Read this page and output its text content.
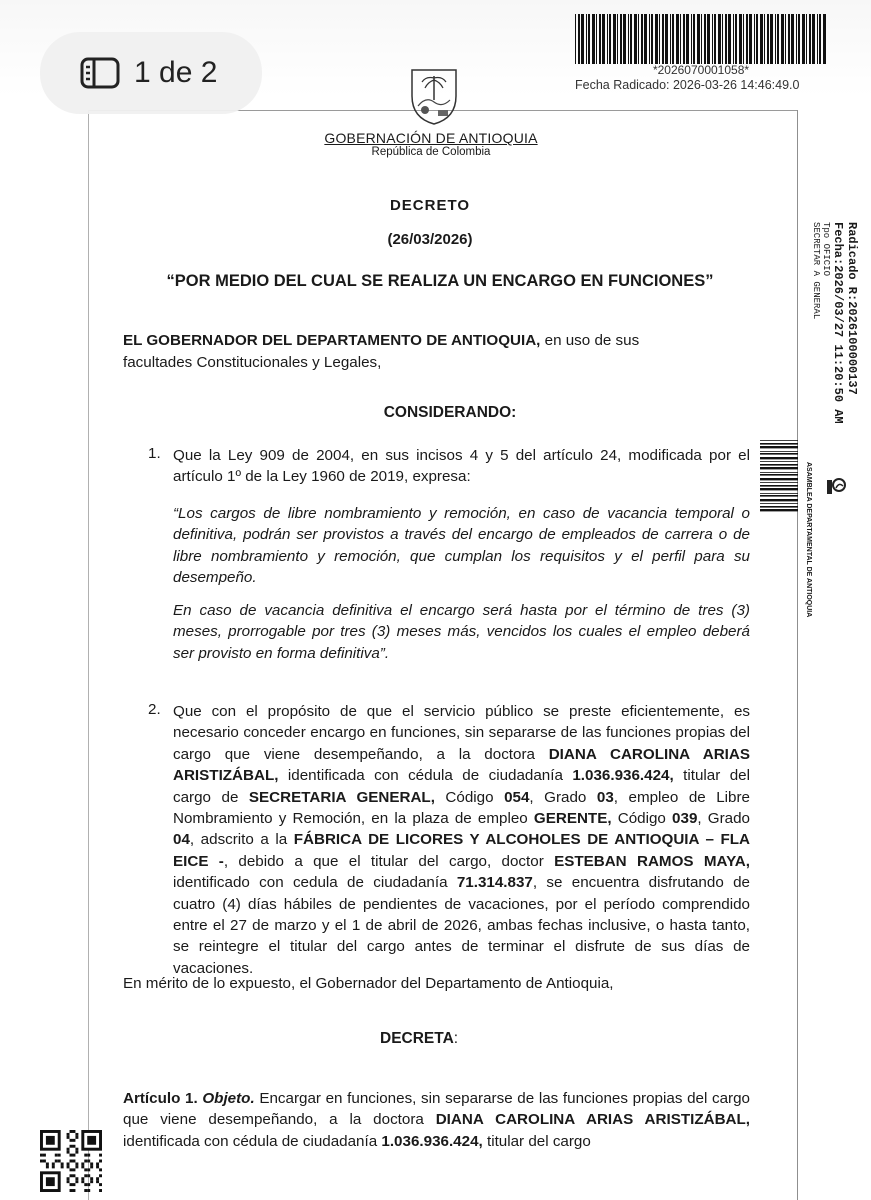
*2026070001058*
Fecha Radicado: 2026-03-26 14:46:49.0
GOBERNACIÓN DE ANTIOQUIA
República de Colombia
DECRETO
(26/03/2026)
“POR MEDIO DEL CUAL SE REALIZA UN ENCARGO EN FUNCIONES”
EL GOBERNADOR DEL DEPARTAMENTO DE ANTIOQUIA, en uso de sus
facultades Constitucionales y Legales,
CONSIDERANDO:
1. Que la Ley 909 de 2004, en sus incisos 4 y 5 del artículo 24, modificada por el artículo 1º de la Ley 1960 de 2019, expresa:
“Los cargos de libre nombramiento y remoción, en caso de vacancia temporal o definitiva, podrán ser provistos a través del encargo de empleados de carrera o de libre nombramiento y remoción, que cumplan los requisitos y el perfil para su desempeño.
En caso de vacancia definitiva el encargo será hasta por el término de tres (3) meses, prorrogable por tres (3) meses más, vencidos los cuales el empleo deberá ser provisto en forma definitiva”.
2. Que con el propósito de que el servicio público se preste eficientemente, es necesario conceder encargo en funciones, sin separarse de las funciones propias del cargo que viene desempeñando, a la doctora DIANA CAROLINA ARIAS ARISTIZÁBAL, identificada con cédula de ciudadanía 1.036.936.424, titular del cargo de SECRETARIA GENERAL, Código 054, Grado 03, empleo de Libre Nombramiento y Remoción, en la plaza de empleo GERENTE, Código 039, Grado 04, adscrito a la FÁBRICA DE LICORES Y ALCOHOLES DE ANTIOQUIA – FLA EICE -, debido a que el titular del cargo, doctor ESTEBAN RAMOS MAYA, identificado con cedula de ciudadanía 71.314.837, se encuentra disfrutando de cuatro (4) días hábiles de pendientes de vacaciones, por el período comprendido entre el 27 de marzo y el 1 de abril de 2026, ambas fechas inclusive, o hasta tanto, se reintegre el titular del cargo antes de terminar el disfrute de sus días de vacaciones.
En mérito de lo expuesto, el Gobernador del Departamento de Antioquia,
DECRETA:
Artículo 1. Objeto. Encargar en funciones, sin separarse de las funciones propias del cargo que viene desempeñando, a la doctora DIANA CAROLINA ARIAS ARISTIZÁBAL, identificada con cédula de ciudadanía 1.036.936.424, titular del cargo
Radicado R:2026100000137
Fecha:2026/03/27 11:20:50 AM
Tpo OFICIO
SECRETAR A GENERAL
ASAMBLEA DEPARTAMENTAL DE ANTIOQUIA
1 de 2
